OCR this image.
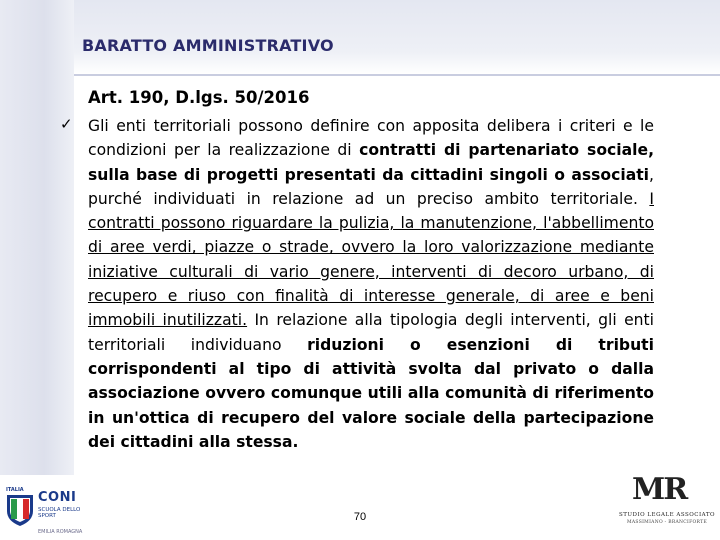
BARATTO AMMINISTRATIVO
Art. 190, D.lgs. 50/2016
✓ Gli enti territoriali possono definire con apposita delibera i criteri e le condizioni per la realizzazione di contratti di partenariato sociale, sulla base di progetti presentati da cittadini singoli o associati, purché individuati in relazione ad un preciso ambito territoriale. I contratti possono riguardare la pulizia, la manutenzione, l'abbellimento di aree verdi, piazze o strade, ovvero la loro valorizzazione mediante iniziative culturali di vario genere, interventi di decoro urbano, di recupero e riuso con finalità di interesse generale, di aree e beni immobili inutilizzati. In relazione alla tipologia degli interventi, gli enti territoriali individuano riduzioni o esenzioni di tributi corrispondenti al tipo di attività svolta dal privato o dalla associazione ovvero comunque utili alla comunità di riferimento in un'ottica di recupero del valore sociale della partecipazione dei cittadini alla stessa.
70
ITALIA CONI
SCUOLA DELLO SPORT
EMILIA ROMAGNA
MR
STUDIO LEGALE ASSOCIATO
MASSIMIANO - BRANCIFORTE
